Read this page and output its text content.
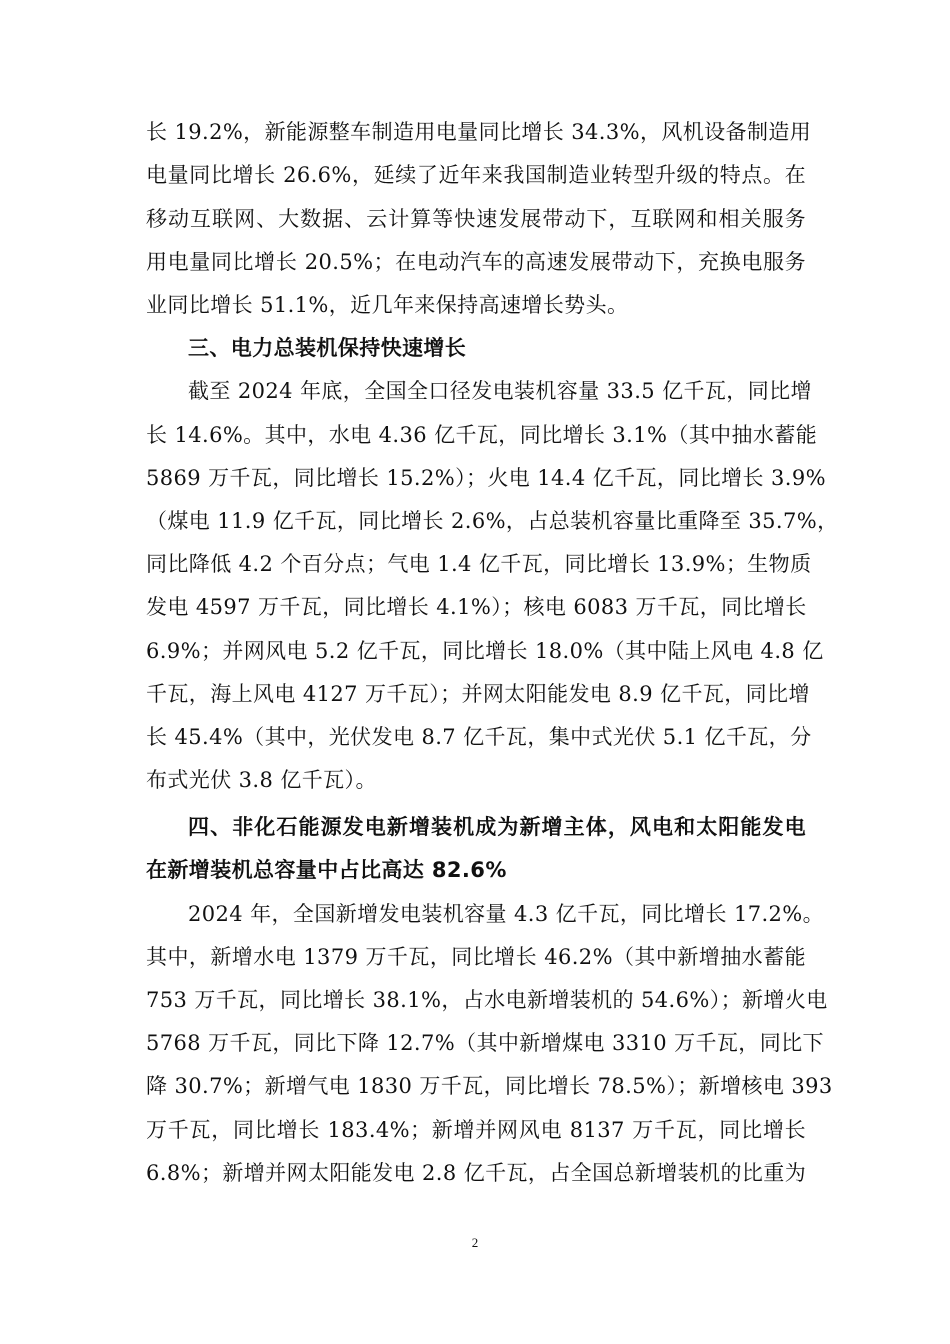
长 19.2%，新能源整车制造用电量同比增长 34.3%，风机设备制造用
电量同比增长 26.6%，延续了近年来我国制造业转型升级的特点。在
移动互联网、大数据、云计算等快速发展带动下，互联网和相关服务
用电量同比增长 20.5%；在电动汽车的高速发展带动下，充换电服务
业同比增长 51.1%，近几年来保持高速增长势头。
三、电力总装机保持快速增长
截至 2024 年底，全国全口径发电装机容量 33.5 亿千瓦，同比增
长 14.6%。其中，水电 4.36 亿千瓦，同比增长 3.1%（其中抽水蓄能
5869 万千瓦，同比增长 15.2%）；火电 14.4 亿千瓦，同比增长 3.9%
（煤电 11.9 亿千瓦，同比增长 2.6%，占总装机容量比重降至 35.7%，
同比降低 4.2 个百分点；气电 1.4 亿千瓦，同比增长 13.9%；生物质
发电 4597 万千瓦，同比增长 4.1%）；核电 6083 万千瓦，同比增长
6.9%；并网风电 5.2 亿千瓦，同比增长 18.0%（其中陆上风电 4.8 亿
千瓦，海上风电 4127 万千瓦）；并网太阳能发电 8.9 亿千瓦，同比增
长 45.4%（其中，光伏发电 8.7 亿千瓦，集中式光伏 5.1 亿千瓦，分
布式光伏 3.8 亿千瓦）。
四、非化石能源发电新增装机成为新增主体，风电和太阳能发电
在新增装机总容量中占比高达 82.6%
2024 年，全国新增发电装机容量 4.3 亿千瓦，同比增长 17.2%。
其中，新增水电 1379 万千瓦，同比增长 46.2%（其中新增抽水蓄能
753 万千瓦，同比增长 38.1%，占水电新增装机的 54.6%）；新增火电
5768 万千瓦，同比下降 12.7%（其中新增煤电 3310 万千瓦，同比下
降 30.7%；新增气电 1830 万千瓦，同比增长 78.5%）；新增核电 393
万千瓦，同比增长 183.4%；新增并网风电 8137 万千瓦，同比增长
6.8%；新增并网太阳能发电 2.8 亿千瓦，占全国总新增装机的比重为
2
